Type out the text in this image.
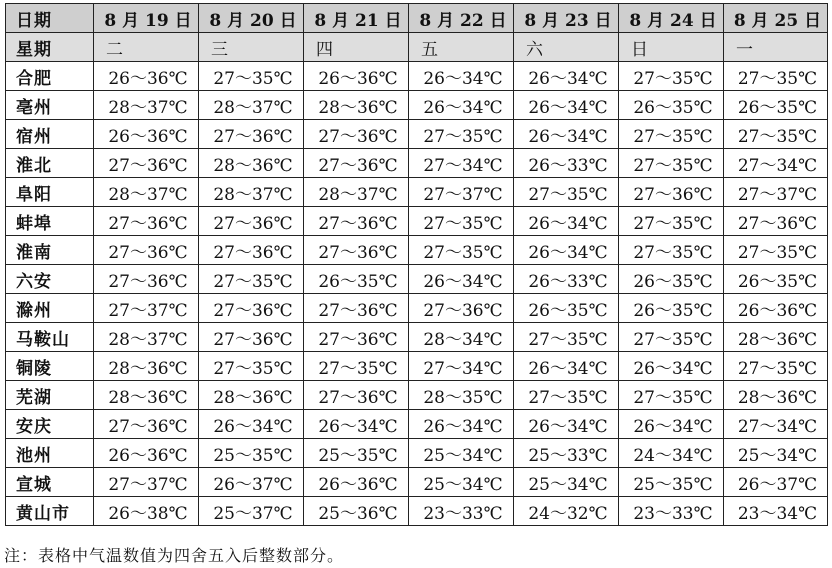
日期	8 月 19 日	8 月 20 日	8 月 21 日	8 月 22 日	8 月 23 日	8 月 24 日	8 月 25 日
星期	二	三	四	五	六	日	一
合肥	26～36℃	27～35℃	26～36℃	26～34℃	26～34℃	27～35℃	27～35℃
亳州	28～37℃	28～37℃	28～36℃	26～34℃	26～34℃	26～35℃	26～35℃
宿州	26～36℃	27～36℃	27～36℃	27～35℃	26～34℃	27～35℃	27～35℃
淮北	27～36℃	28～36℃	27～36℃	27～34℃	26～33℃	27～35℃	27～34℃
阜阳	28～37℃	28～37℃	28～37℃	27～37℃	27～35℃	27～36℃	27～37℃
蚌埠	27～36℃	27～36℃	27～36℃	27～35℃	26～34℃	27～35℃	27～36℃
淮南	27～36℃	27～36℃	27～36℃	27～35℃	26～34℃	27～35℃	27～35℃
六安	27～36℃	27～35℃	26～35℃	26～34℃	26～33℃	26～35℃	26～35℃
滁州	27～37℃	27～36℃	27～36℃	27～36℃	26～35℃	26～35℃	26～36℃
马鞍山	28～37℃	27～36℃	27～36℃	28～34℃	27～35℃	27～35℃	28～36℃
铜陵	28～36℃	27～35℃	27～35℃	27～34℃	26～34℃	26～34℃	27～35℃
芜湖	28～36℃	28～36℃	27～36℃	28～35℃	27～35℃	27～35℃	28～36℃
安庆	27～36℃	26～34℃	26～34℃	26～34℃	26～34℃	26～34℃	27～34℃
池州	26～36℃	25～35℃	25～35℃	25～34℃	25～33℃	24～34℃	25～34℃
宣城	27～37℃	26～37℃	26～36℃	25～34℃	25～34℃	25～35℃	26～37℃
黄山市	26～38℃	25～37℃	25～36℃	23～33℃	24～32℃	23～33℃	23～34℃
注：表格中气温数值为四舍五入后整数部分。
